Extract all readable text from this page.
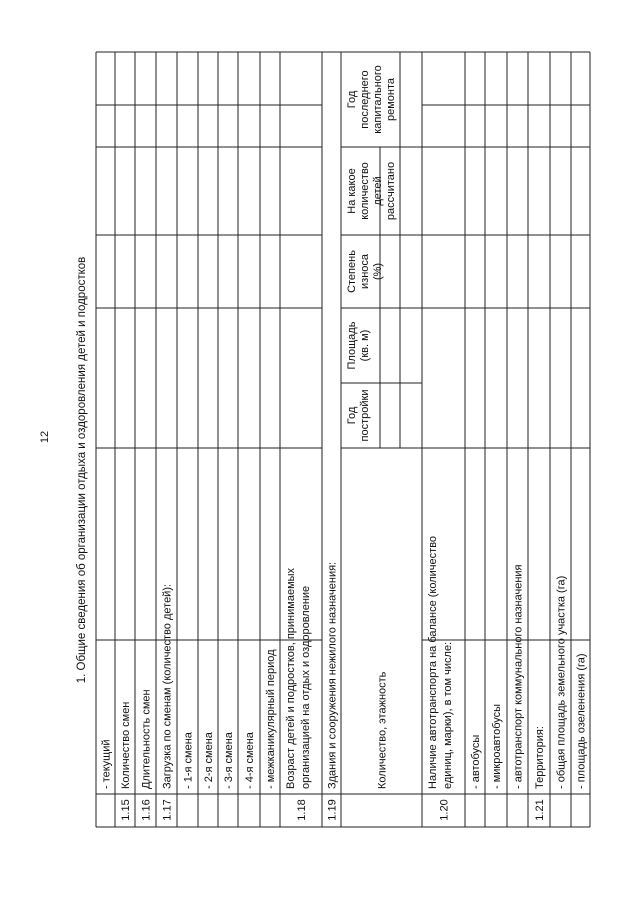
12 1. Общие сведения об организации отдыха и оздоровления детей и подростков
- текущий
1.15
Количество смен
1.16
Длительность смен
1.17
Загрузка по сменам (количество детей): - 1-я смена - 2-я смена - 3-я смена - 4-я смена - межканикулярный период
1.18
Возраст детей и подростков, принимаемых организацией на отдых и оздоровление
1.19
Здания и сооружения нежилого назначения:	Количество, этажность
1.20
Наличие автотранспорта на балансе (количество единиц, марки), в том числе: - автобусы - микроавтобусы - автотранспорт коммунального назначения
1.21
Территория: - общая площадь земельного участка (га) - площадь озеленения (га)
Год постройки
Площадь (кв. м)
Степень износа (%)
На какое количество детей рассчитано
Год последнего капитального ремонта
